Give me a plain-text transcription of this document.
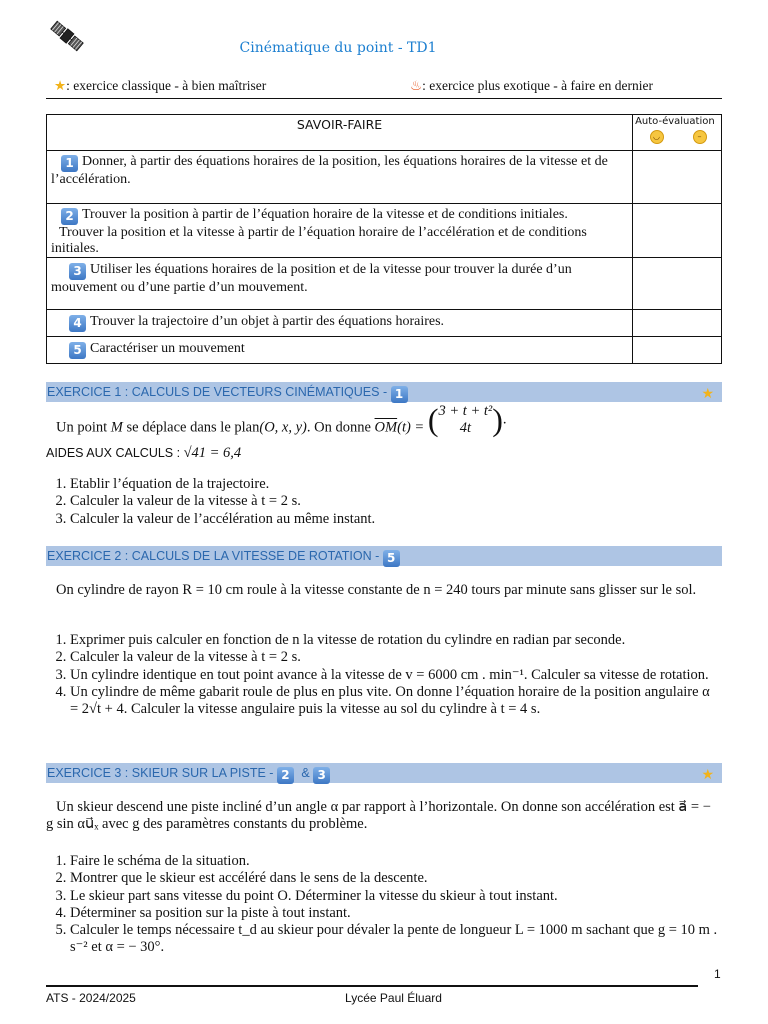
Cinématique du point - TD1
★: exercice classique - à bien maîtriser	♨: exercice plus exotique - à faire en dernier
SAVOIR-FAIRE	Auto-évaluation
◡ –

1 Donner, à partir des équations horaires de la position, les équations horaires de la vitesse et de l’accélération.	
2 Trouver la position à partir de l’équation horaire de la vitesse et de conditions initiales.
Trouver la position et la vitesse à partir de l’équation horaire de l’accélération et de conditions initiales.	
3 Utiliser les équations horaires de la position et de la vitesse pour trouver la durée d’un mouvement ou d’une partie d’un mouvement.	
4 Trouver la trajectoire d’un objet à partir des équations horaires.	
5 Caractériser un mouvement	
EXERCICE 1 : CALCULS DE VECTEURS CINÉMATIQUES - 1	★
Un point M se déplace dans le plan(O, x, y). On donne $\overline{OM}(t)$ = ( 3 + t + t²
4t ).
AIDES AUX CALCULS : √41 = 6,4
1. Etablir l’équation de la trajectoire.
2. Calculer la valeur de la vitesse à t = 2 s.
3. Calculer la valeur de l’accélération au même instant.
EXERCICE 2 : CALCULS DE LA VITESSE DE ROTATION - 5
On cylindre de rayon R = 10 cm roule à la vitesse constante de n = 240 tours par minute sans glisser sur le sol.
1. Exprimer puis calculer en fonction de n la vitesse de rotation du cylindre en radian par seconde.
2. Calculer la valeur de la vitesse à t = 2 s.
3. Un cylindre identique en tout point avance à la vitesse de v = 6000 cm . min⁻¹. Calculer sa vitesse de rotation.
4. Un cylindre de même gabarit roule de plus en plus vite. On donne l’équation horaire de la position angulaire α = 2√t + 4. Calculer la vitesse angulaire puis la vitesse au sol du cylindre à t = 4 s.
EXERCICE 3 : SKIEUR SUR LA PISTE - 2 & 3	★
Un skieur descend une piste incliné d’un angle α par rapport à l’horizontale. On donne son accélération est a⃗ = − g sin αu⃗ₓ avec g des paramètres constants du problème.
1. Faire le schéma de la situation.
2. Montrer que le skieur est accéléré dans le sens de la descente.
3. Le skieur part sans vitesse du point O. Déterminer la vitesse du skieur à tout instant.
4. Déterminer sa position sur la piste à tout instant.
5. Calculer le temps nécessaire t_d au skieur pour dévaler la pente de longueur L = 1000 m sachant que g = 10 m . s⁻² et α = − 30°.
1
ATS - 2024/2025	Lycée Paul Éluard
